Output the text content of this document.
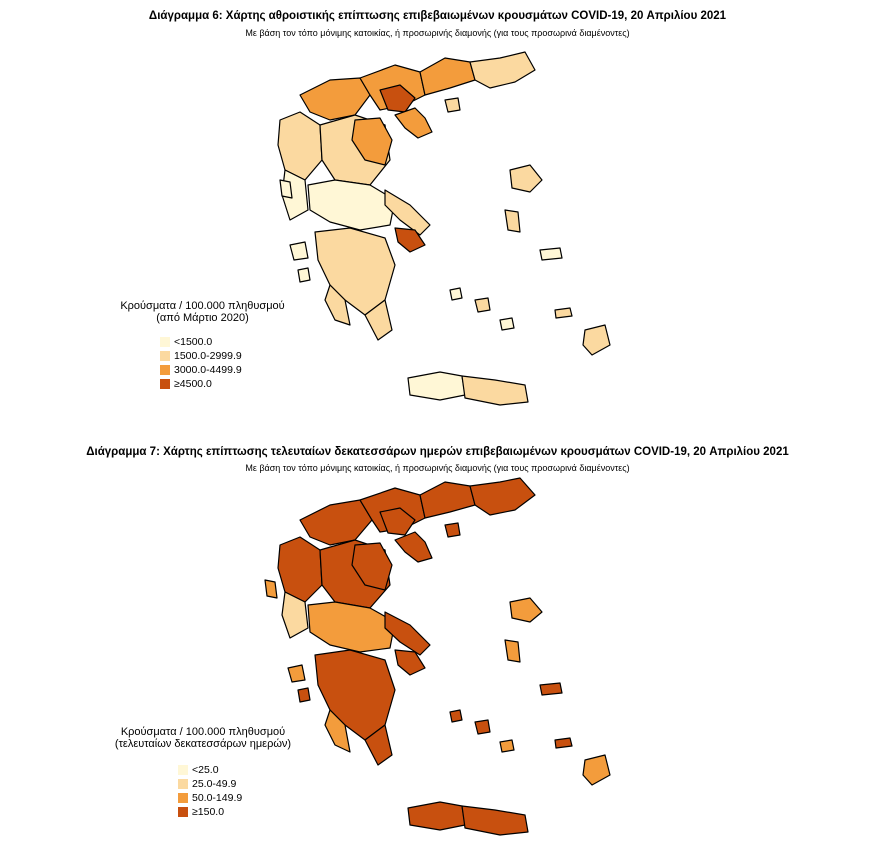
Διάγραμμα 6: Χάρτης αθροιστικής επίπτωσης επιβεβαιωμένων κρουσμάτων COVID-19, 20 Απριλίου 2021
Με βάση τον τόπο μόνιμης κατοικίας, ή προσωρινής διαμονής (για τους προσωρινά διαμένοντες)
Κρούσματα / 100.000 πληθυσμού
(από Μάρτιο 2020)
<1500.0
1500.0-2999.9
3000.0-4499.9
≥4500.0
Διάγραμμα 7: Χάρτης επίπτωσης τελευταίων δεκατεσσάρων ημερών επιβεβαιωμένων κρουσμάτων COVID-19, 20 Απριλίου 2021
Με βάση τον τόπο μόνιμης κατοικίας, ή προσωρινής διαμονής (για τους προσωρινά διαμένοντες)
Κρούσματα / 100.000 πληθυσμού
(τελευταίων δεκατεσσάρων ημερών)
<25.0
25.0-49.9
50.0-149.9
≥150.0
